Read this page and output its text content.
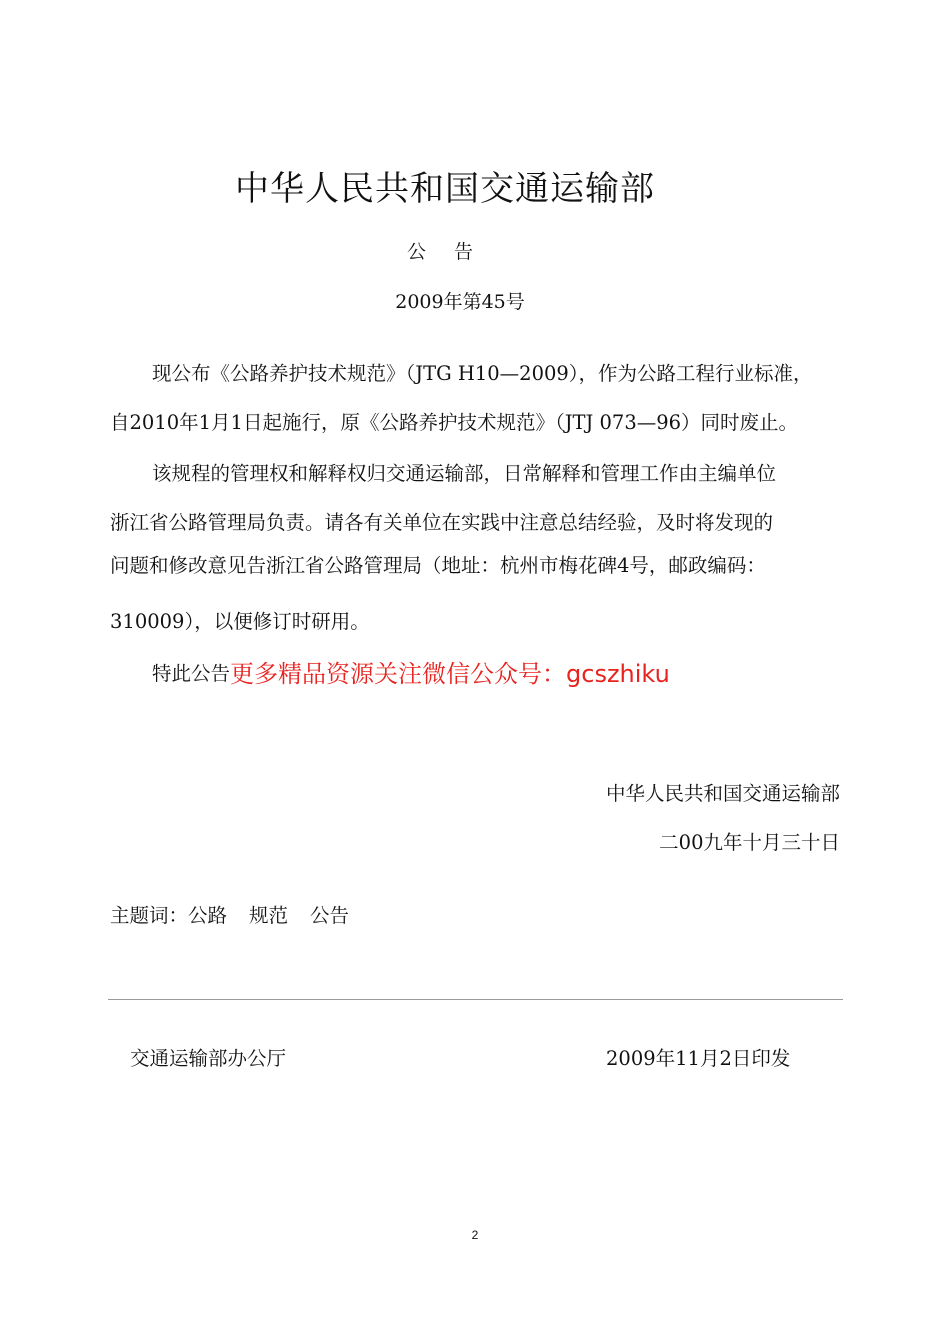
中华人民共和国交通运输部
公告
2009年第45号
现公布《公路养护技术规范》（JTG H10—2009），作为公路工程行业标准，
自2010年1月1日起施行，原《公路养护技术规范》（JTJ 073—96）同时废止。
该规程的管理权和解释权归交通运输部，日常解释和管理工作由主编单位
浙江省公路管理局负责。请各有关单位在实践中注意总结经验，及时将发现的
问题和修改意见告浙江省公路管理局（地址：杭州市梅花碑4号，邮政编码：
310009），以便修订时研用。
特此公告更多精品资源关注微信公众号：gcszhiku
中华人民共和国交通运输部
二00九年十月三十日
主题词：公路 规范 公告
交通运输部办公厅	2009年11月2日印发
2
